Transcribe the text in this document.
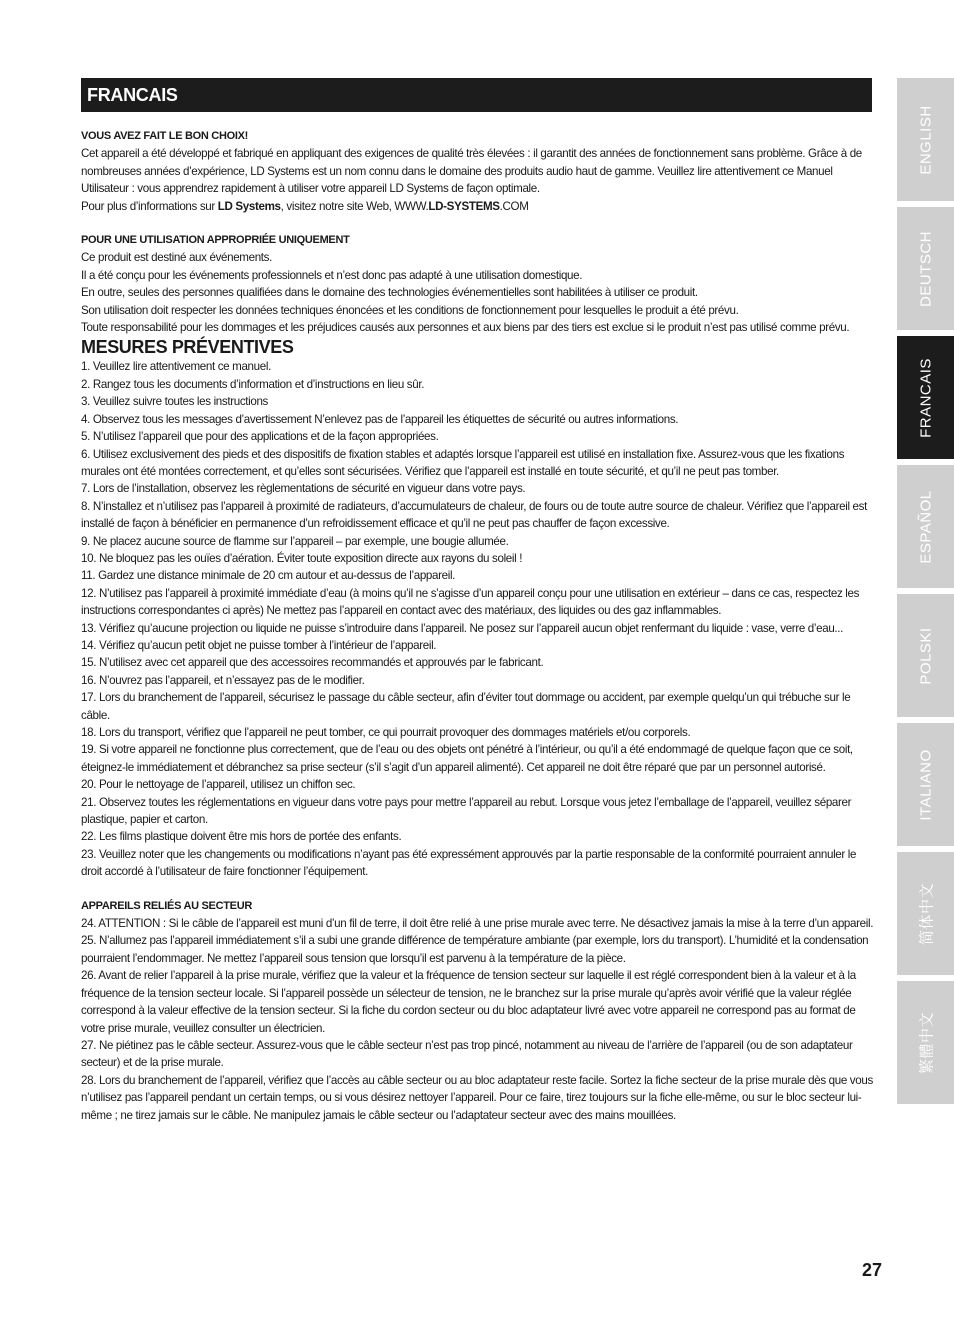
FRANCAIS

VOUS AVEZ FAIT LE BON CHOIX!

Cet appareil a été développé et fabriqué en appliquant des exigences de qualité très élevées : il garantit des années de fonctionnement sans problème. Grâce à de nombreuses années d’expérience, LD Systems est un nom connu dans le domaine des produits audio haut de gamme. Veuillez lire attentivement ce Manuel Utilisateur : vous apprendrez rapidement à utiliser votre appareil LD Systems de façon optimale.

Pour plus d’informations sur LD Systems, visitez notre site Web, WWW.LD-SYSTEMS.COM

POUR UNE UTILISATION APPROPRIÉE UNIQUEMENT

Ce produit est destiné aux événements.

Il a été conçu pour les événements professionnels et n’est donc pas adapté à une utilisation domestique.

En outre, seules des personnes qualifiées dans le domaine des technologies événementielles sont habilitées à utiliser ce produit.

Son utilisation doit respecter les données techniques énoncées et les conditions de fonctionnement pour lesquelles le produit a été prévu.

Toute responsabilité pour les dommages et les préjudices causés aux personnes et aux biens par des tiers est exclue si le produit n’est pas utilisé comme prévu.

MESURES PRÉVENTIVES

1. Veuillez lire attentivement ce manuel.

2. Rangez tous les documents d’information et d’instructions en lieu sûr.

3. Veuillez suivre toutes les instructions

4. Observez tous les messages d’avertissement N’enlevez pas de l’appareil les étiquettes de sécurité ou autres informations.

5. N’utilisez l’appareil que pour des applications et de la façon appropriées.

6. Utilisez exclusivement des pieds et des dispositifs de fixation stables et adaptés lorsque l’appareil est utilisé en installation fixe. Assurez-vous que les fixations murales ont été montées correctement, et qu’elles sont sécurisées. Vérifiez que l’appareil est installé en toute sécurité, et qu’il ne peut pas tomber.

7. Lors de l’installation, observez les règlementations de sécurité en vigueur dans votre pays.

8. N’installez et n’utilisez pas l’appareil à proximité de radiateurs, d’accumulateurs de chaleur, de fours ou de toute autre source de chaleur. Vérifiez que l’appareil est installé de façon à bénéficier en permanence d’un refroidissement efficace et qu’il ne peut pas chauffer de façon excessive.

9. Ne placez aucune source de flamme sur l’appareil – par exemple, une bougie allumée.

10. Ne bloquez pas les ouïes d’aération. Éviter toute exposition directe aux rayons du soleil !

11. Gardez une distance minimale de 20 cm autour et au-dessus de l’appareil.

12. N’utilisez pas l’appareil à proximité immédiate d’eau (à moins qu’il ne s’agisse d’un appareil conçu pour une utilisation en extérieur – dans ce cas, respectez les instructions correspondantes ci après) Ne mettez pas l’appareil en contact avec des matériaux, des liquides ou des gaz inflammables.

13. Vérifiez qu’aucune projection ou liquide ne puisse s’introduire dans l’appareil. Ne posez sur l’appareil aucun objet renfermant du liquide : vase, verre d’eau...

14. Vérifiez qu’aucun petit objet ne puisse tomber à l’intérieur de l’appareil.

15. N’utilisez avec cet appareil que des accessoires recommandés et approuvés par le fabricant.

16. N’ouvrez pas l’appareil, et n’essayez pas de le modifier.

17. Lors du branchement de l’appareil, sécurisez le passage du câble secteur, afin d’éviter tout dommage ou accident, par exemple quelqu’un qui trébuche sur le câble.

18. Lors du transport, vérifiez que l’appareil ne peut tomber, ce qui pourrait provoquer des dommages matériels et/ou corporels.

19. Si votre appareil ne fonctionne plus correctement, que de l’eau ou des objets ont pénétré à l’intérieur, ou qu’il a été endommagé de quelque façon que ce soit, éteignez-le immédiatement et débranchez sa prise secteur (s’il s’agit d’un appareil alimenté). Cet appareil ne doit être réparé que par un personnel autorisé.

20. Pour le nettoyage de l’appareil, utilisez un chiffon sec.

21. Observez toutes les réglementations en vigueur dans votre pays pour mettre l’appareil au rebut. Lorsque vous jetez l’emballage de l’appareil, veuillez séparer plastique, papier et carton.

22. Les films plastique doivent être mis hors de portée des enfants.

23. Veuillez noter que les changements ou modifications n’ayant pas été expressément approuvés par la partie responsable de la conformité pourraient annuler le droit accordé à l’utilisateur de faire fonctionner l’équipement.

APPAREILS RELIÉS AU SECTEUR

24. ATTENTION : Si le câble de l’appareil est muni d’un fil de terre, il doit être relié à une prise murale avec terre. Ne désactivez jamais la mise à la terre d’un appareil.

25. N’allumez pas l’appareil immédiatement s’il a subi une grande différence de température ambiante (par exemple, lors du transport). L’humidité et la condensation pourraient l’endommager. Ne mettez l’appareil sous tension que lorsqu’il est parvenu à la température de la pièce.

26. Avant de relier l’appareil à la prise murale, vérifiez que la valeur et la fréquence de tension secteur sur laquelle il est réglé correspondent bien à la valeur et à la fréquence de la tension secteur locale. Si l’appareil possède un sélecteur de tension, ne le branchez sur la prise murale qu’après avoir vérifié que la valeur réglée correspond à la valeur effective de la tension secteur. Si la fiche du cordon secteur ou du bloc adaptateur livré avec votre appareil ne correspond pas au format de votre prise murale, veuillez consulter un électricien.

27. Ne piétinez pas le câble secteur. Assurez-vous que le câble secteur n’est pas trop pincé, notamment au niveau de l’arrière de l’appareil (ou de son adaptateur secteur) et de la prise murale.

28. Lors du branchement de l’appareil, vérifiez que l’accès au câble secteur ou au bloc adaptateur reste facile. Sortez la fiche secteur de la prise murale dès que vous n’utilisez pas l’appareil pendant un certain temps, ou si vous désirez nettoyer l’appareil. Pour ce faire, tirez toujours sur la fiche elle-même, ou sur le bloc secteur lui-même ; ne tirez jamais sur le câble. Ne manipulez jamais le câble secteur ou l’adaptateur secteur avec des mains mouillées.

ENGLISH
DEUTSCH
FRANCAIS
ESPAÑOL
POLSKI
ITALIANO
简体中文
繁體中文
27
